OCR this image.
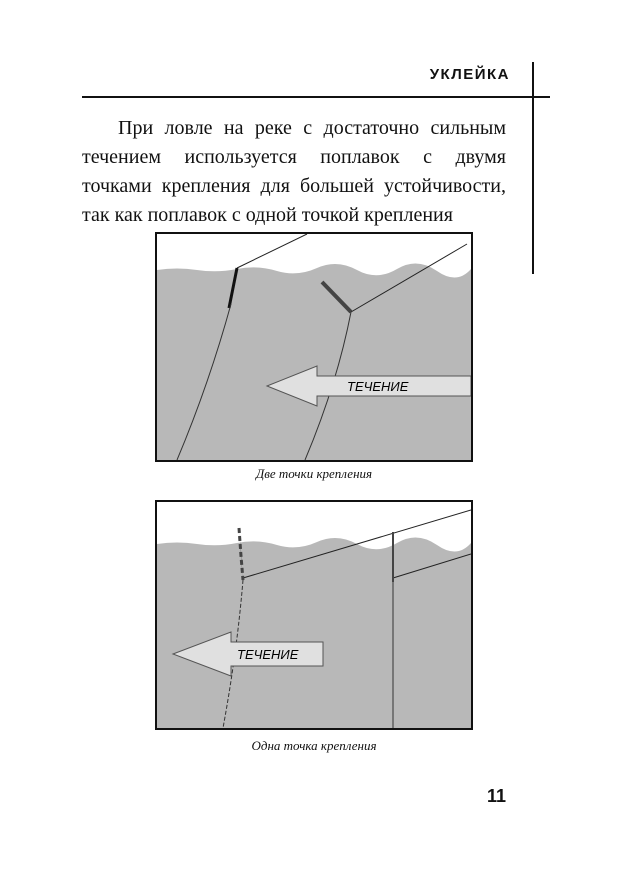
УКЛЕЙКА

При ловле на реке с достаточно сильным течением используется поплавок с двумя точками крепления для большей устойчивости, так как поплавок с одной точкой крепления

ТЕЧЕНИЕ
Две точки крепления
ТЕЧЕНИЕ
Одна точка крепления
11
